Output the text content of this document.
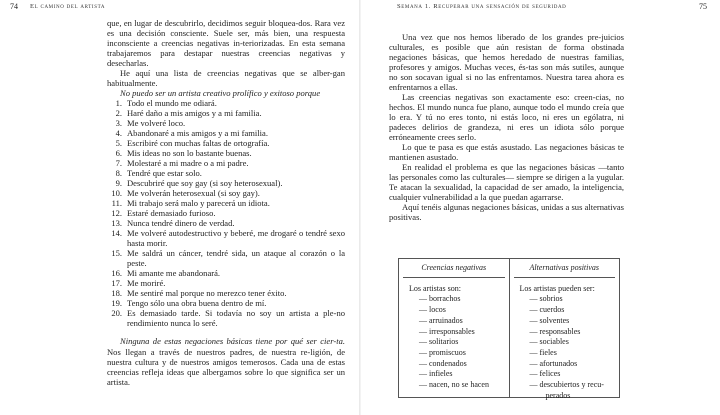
74 El camino del artista

que, en lugar de descubrirlo, decidimos seguir bloquea-dos. Rara vez es una decisión consciente. Suele ser, más bien, una respuesta inconsciente a creencias negativas in-teriorizadas. En esta semana trabajaremos para destapar nuestras creencias negativas y desecharlas.

He aquí una lista de creencias negativas que se alber-gan habitualmente.

No puedo ser un artista creativo prolífico y exitoso porque

1. Todo el mundo me odiará.
2. Haré daño a mis amigos y a mi familia.
3. Me volveré loco.
4. Abandonaré a mis amigos y a mi familia.
5. Escribiré con muchas faltas de ortografía.
6. Mis ideas no son lo bastante buenas.
7. Molestaré a mi madre o a mi padre.
8. Tendré que estar solo.
9. Descubriré que soy gay (si soy heterosexual).
10. Me volverán heterosexual (si soy gay).
11. Mi trabajo será malo y parecerá un idiota.
12. Estaré demasiado furioso.
13. Nunca tendré dinero de verdad.
14. Me volveré autodestructivo y beberé, me drogaré o tendré sexo hasta morir.
15. Me saldrá un cáncer, tendré sida, un ataque al corazón o la peste.
16. Mi amante me abandonará.
17. Me moriré.
18. Me sentiré mal porque no merezco tener éxito.
19. Tengo sólo una obra buena dentro de mí.
20. Es demasiado tarde. Si todavía no soy un artista a ple-no rendimiento nunca lo seré.

Ninguna de estas negaciones básicas tiene por qué ser cier-ta. Nos llegan a través de nuestros padres, de nuestra re-ligión, de nuestra cultura y de nuestros amigos temerosos. Cada una de estas creencias refleja ideas que albergamos sobre lo que significa ser un artista.

Semana 1. Recuperar una sensación de seguridad	75

Una vez que nos hemos liberado de los grandes pre-juicios culturales, es posible que aún resistan de forma obstinada negaciones básicas, que hemos heredado de nuestras familias, profesores y amigos. Muchas veces, és-tas son más sutiles, aunque no son socavan igual si no las enfrentamos. Nuestra tarea ahora es enfrentarnos a ellas.

Las creencias negativas son exactamente eso: creen-cias, no hechos. El mundo nunca fue plano, aunque todo el mundo creía que lo era. Y tú no eres tonto, ni estás loco, ni eres un ególatra, ni padeces delirios de grandeza, ni eres un idiota sólo porque erróneamente crees serlo.

Lo que te pasa es que estás asustado. Las negaciones básicas te mantienen asustado.

En realidad el problema es que las negaciones básicas —tanto las personales como las culturales— siempre se dirigen a la yugular. Te atacan la sexualidad, la capacidad de ser amado, la inteligencia, cualquier vulnerabilidad a la que puedan agarrarse.

Aquí tenéis algunas negaciones básicas, unidas a sus alternativas positivas.

Creencias negativas
Los artistas son:
— borrachos
— locos
— arruinados
— irresponsables
— solitarios
— promiscuos
— condenados
— infieles
— nacen, no se hacen
Alternativas positivas
Los artistas pueden ser:
— sobrios
— cuerdos
— solventes
— responsables
— sociables
— fieles
— afortunados
— felices
— descubiertos y recu-
perados
